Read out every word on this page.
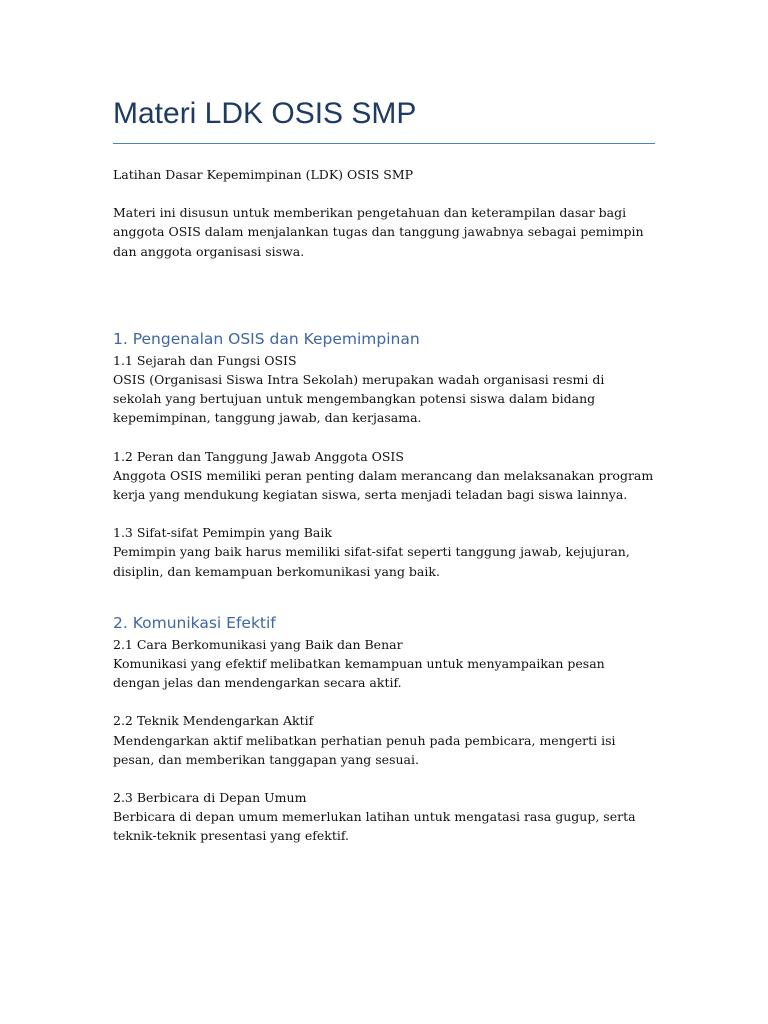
Materi LDK OSIS SMP

Latihan Dasar Kepemimpinan (LDK) OSIS SMP

Materi ini disusun untuk memberikan pengetahuan dan keterampilan dasar bagi anggota OSIS dalam menjalankan tugas dan tanggung jawabnya sebagai pemimpin dan anggota organisasi siswa.

1. Pengenalan OSIS dan Kepemimpinan

1.1 Sejarah dan Fungsi OSIS

OSIS (Organisasi Siswa Intra Sekolah) merupakan wadah organisasi resmi di sekolah yang bertujuan untuk mengembangkan potensi siswa dalam bidang kepemimpinan, tanggung jawab, dan kerjasama.

1.2 Peran dan Tanggung Jawab Anggota OSIS

Anggota OSIS memiliki peran penting dalam merancang dan melaksanakan program kerja yang mendukung kegiatan siswa, serta menjadi teladan bagi siswa lainnya.

1.3 Sifat-sifat Pemimpin yang Baik

Pemimpin yang baik harus memiliki sifat-sifat seperti tanggung jawab, kejujuran, disiplin, dan kemampuan berkomunikasi yang baik.

2. Komunikasi Efektif

2.1 Cara Berkomunikasi yang Baik dan Benar

Komunikasi yang efektif melibatkan kemampuan untuk menyampaikan pesan dengan jelas dan mendengarkan secara aktif.

2.2 Teknik Mendengarkan Aktif

Mendengarkan aktif melibatkan perhatian penuh pada pembicara, mengerti isi pesan, dan memberikan tanggapan yang sesuai.

2.3 Berbicara di Depan Umum

Berbicara di depan umum memerlukan latihan untuk mengatasi rasa gugup, serta teknik-teknik presentasi yang efektif.
